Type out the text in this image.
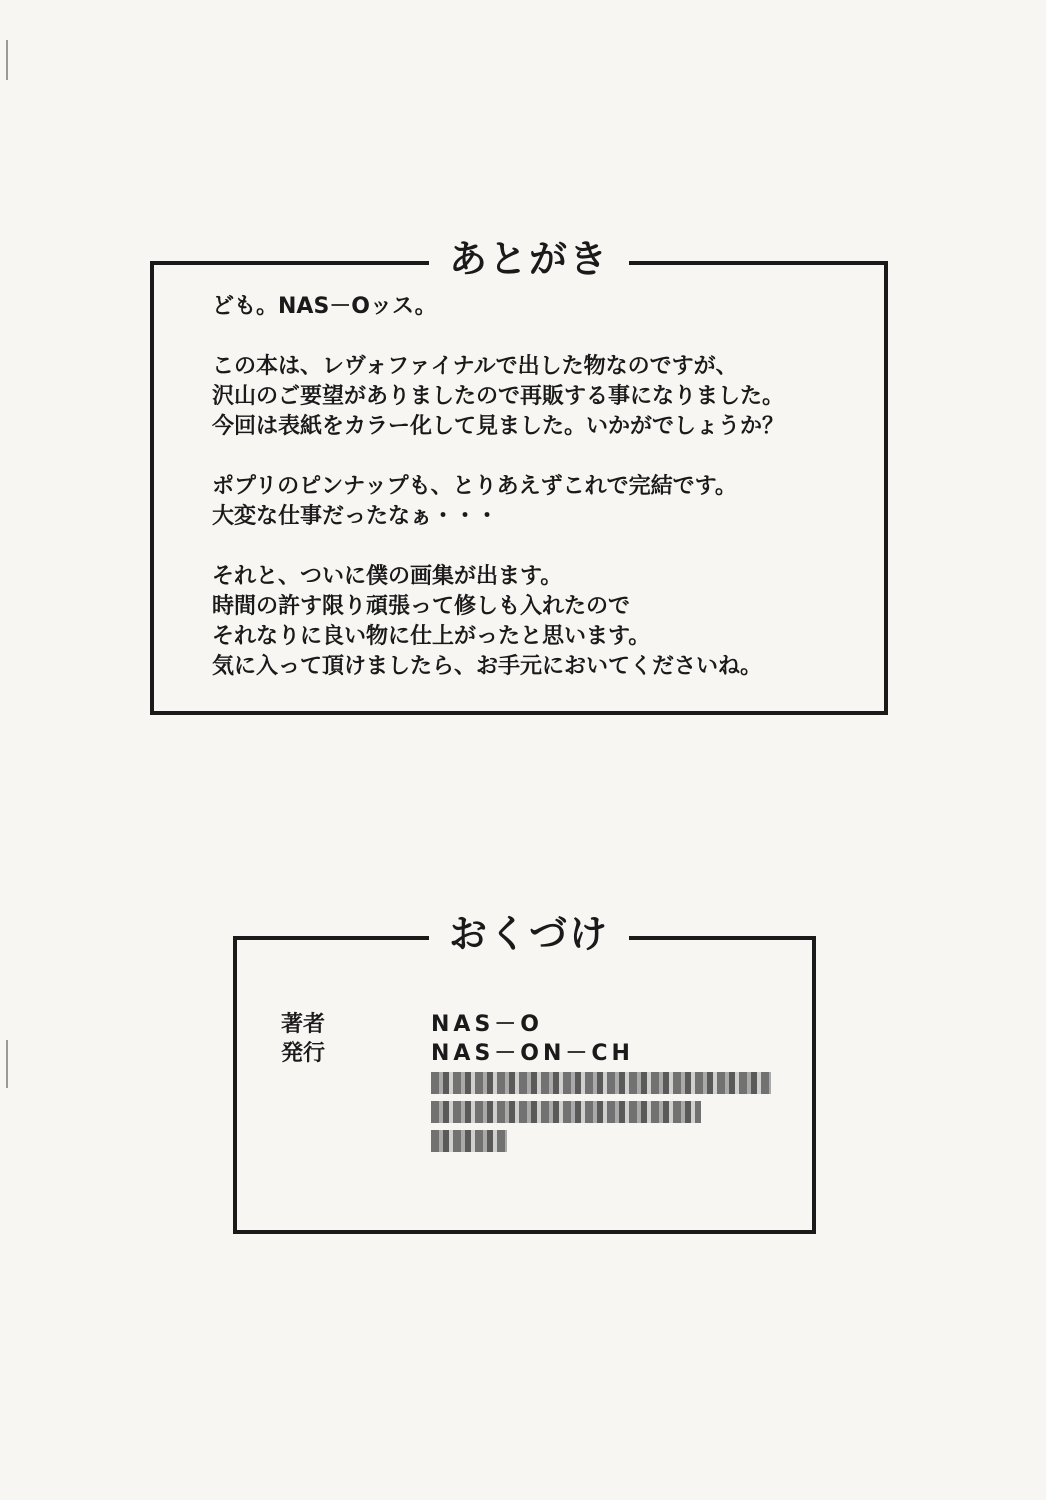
あとがき

ども。NAS－Oッス。

この本は、レヴォファイナルで出した物なのですが、
沢山のご要望がありましたので再販する事になりました。
今回は表紙をカラー化して見ました。いかがでしょうか？

ポプリのピンナップも、とりあえずこれで完結です。
大変な仕事だったなぁ・・・

それと、ついに僕の画集が出ます。
時間の許す限り頑張って修しも入れたので
それなりに良い物に仕上がったと思います。
気に入って頂けましたら、お手元においてくださいね。

おくづけ
著者	NAS－O
発行	NAS－ON－CH
